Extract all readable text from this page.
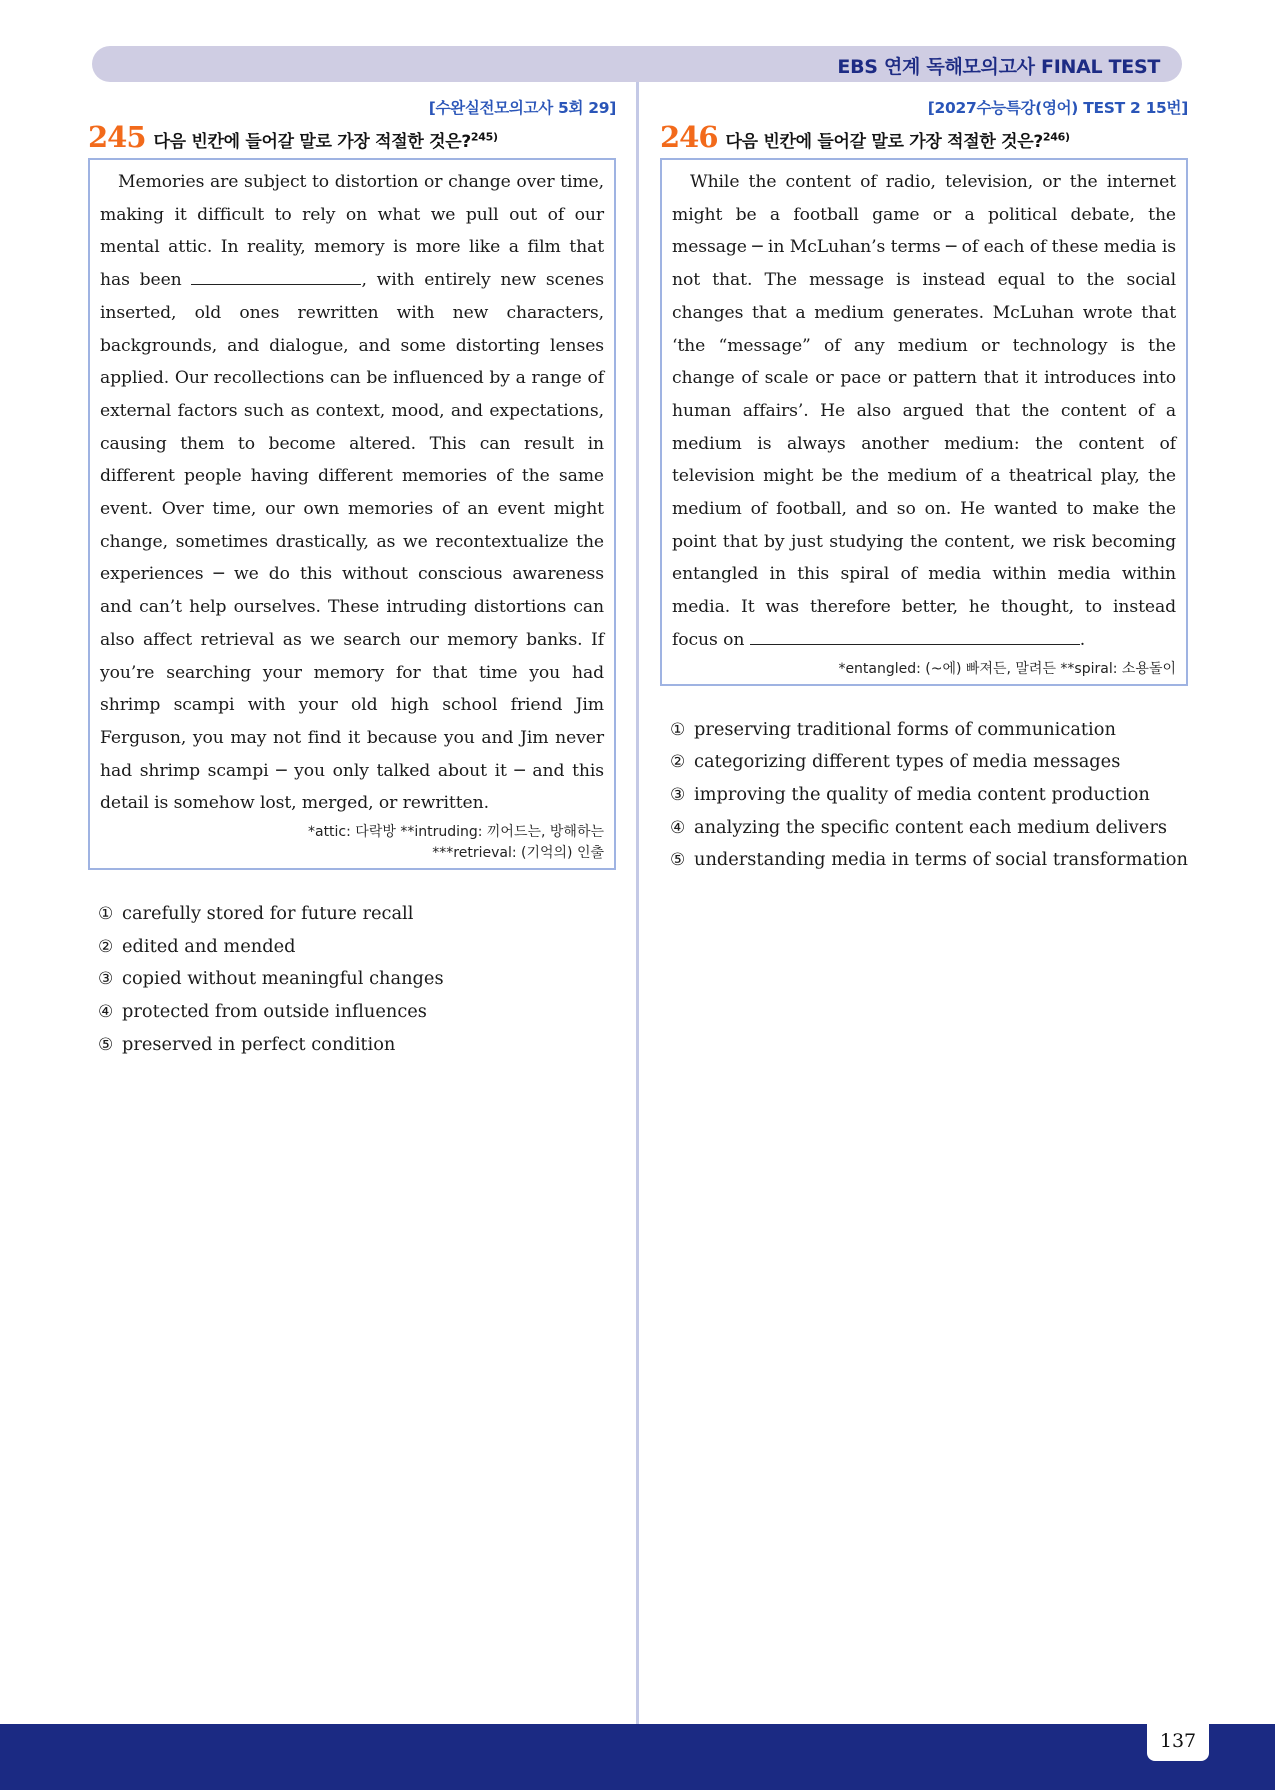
EBS 연계 독해모의고사 FINAL TEST
[수완실전모의고사 5회 29]
245 다음 빈칸에 들어갈 말로 가장 적절한 것은?$^{245)}$

Memories are subject to distortion or change over time, making it difficult to rely on what we pull out of our mental attic. In reality, memory is more like a film that has been	, with entirely new scenes inserted, old ones rewritten with new characters, backgrounds, and dialogue, and some distorting lenses applied. Our recollections can be influenced by a range of external factors such as context, mood, and expectations, causing them to become altered. This can result in different people having different memories of the same event. Over time, our own memories of an event might change, sometimes drastically, as we recontextualize the experiences ─ we do this without conscious awareness and can’t help ourselves. These intruding distortions can also affect retrieval as we search our memory banks. If you’re searching your memory for that time you had shrimp scampi with your old high school friend Jim Ferguson, you may not find it because you and Jim never had shrimp scampi ─ you only talked about it ─ and this detail is somehow lost, merged, or rewritten.

*attic: 다락방 **intruding: 끼어드는, 방해하는
***retrieval: (기억의) 인출
① carefully stored for future recall
② edited and mended
③ copied without meaningful changes
④ protected from outside influences
⑤ preserved in perfect condition
[2027수능특강(영어) TEST 2 15번]
246 다음 빈칸에 들어갈 말로 가장 적절한 것은?$^{246)}$

While the content of radio, television, or the internet might be a football game or a political debate, the message ─ in McLuhan’s terms ─ of each of these media is not that. The message is instead equal to the social changes that a medium generates. McLuhan wrote that ‘the “message” of any medium or technology is the change of scale or pace or pattern that it introduces into human affairs’. He also argued that the content of a medium is always another medium: the content of television might be the medium of a theatrical play, the medium of football, and so on. He wanted to make the point that by just studying the content, we risk becoming entangled in this spiral of media within media within media. It was therefore better, he thought, to instead focus on	.

*entangled: (~에) 빠져든, 말려든 **spiral: 소용돌이
① preserving traditional forms of communication
② categorizing different types of media messages
③ improving the quality of media content production
④ analyzing the specific content each medium delivers
⑤ understanding media in terms of social transformation
137
